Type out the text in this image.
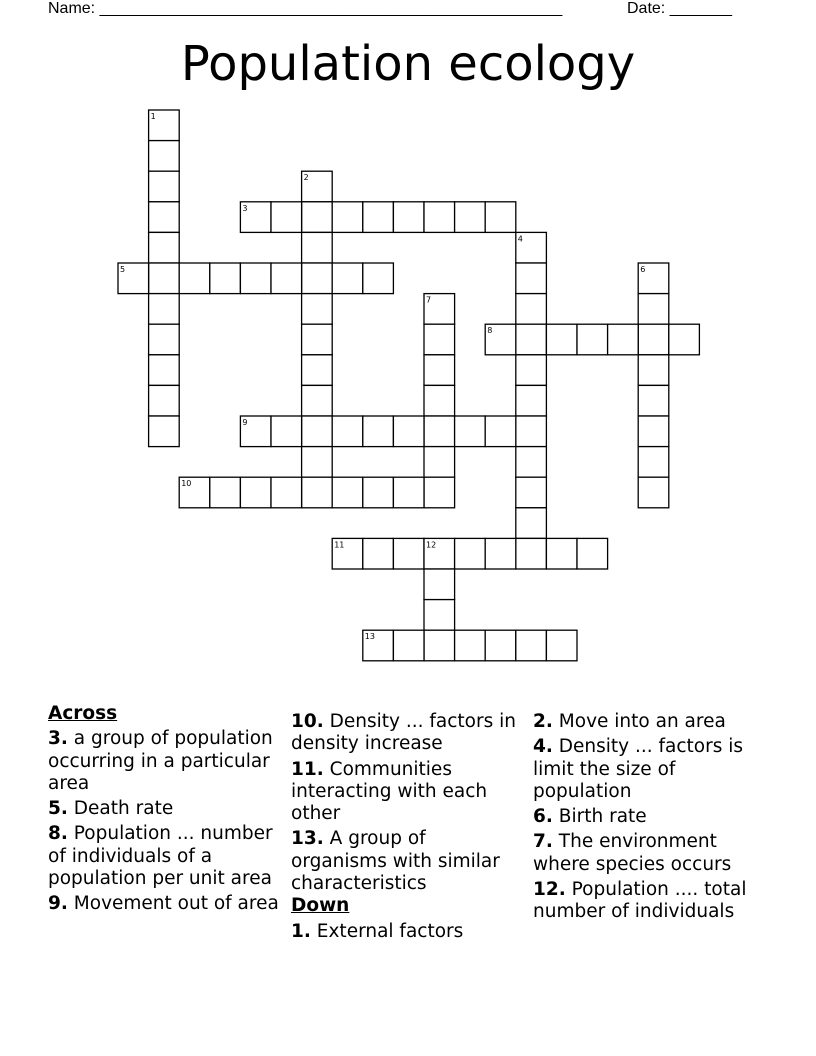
Name: ____________________________________________________	Date: _______
Population ecology
1
2
3
4
5	6
7
8
9
10
11	12
13
Across
3. a group of population occurring in a particular area
5. Death rate
8. Population ... number of individuals of a population per unit area
9. Movement out of area
10. Density ... factors in density increase
11. Communities interacting with each other
13. A group of organisms with similar characteristics
Down
1. External factors
2. Move into an area
4. Density ... factors is limit the size of population
6. Birth rate
7. The environment where species occurs
12. Population .... total number of individuals
